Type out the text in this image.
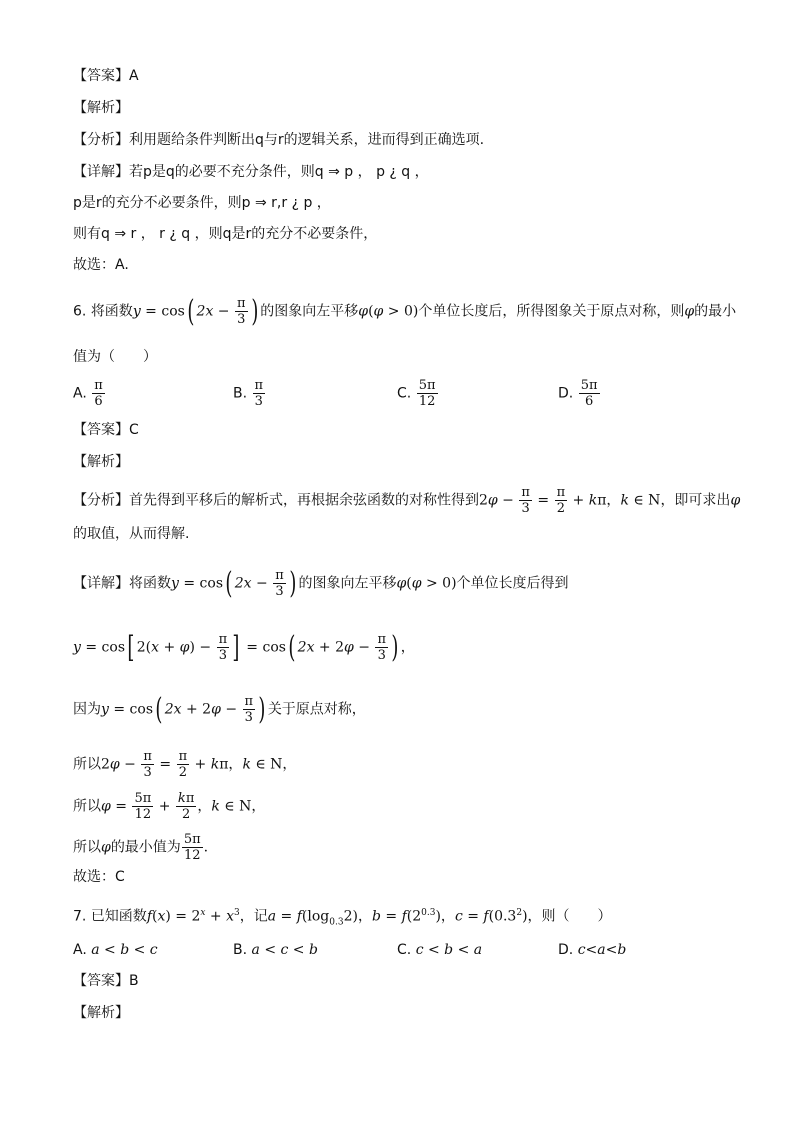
【答案】A
【解析】
【分析】利用题给条件判断出q与r的逻辑关系，进而得到正确选项.
【详解】若p是q的必要不充分条件，则q ⇒ p ， p ¿ q ，
p是r的充分不必要条件，则p ⇒ r,r ¿ p ，
则有q ⇒ r ， r ¿ q ，则q是r的充分不必要条件，
故选：A.
6. 将函数y = cos( $2x - \frac{\pi}{3}$ ) 的图象向左平移φ(φ > 0)个单位长度后，所得图象关于原点对称，则φ的最小
值为（　　）
A. $\frac{\pi}{6}$	B. $\frac{\pi}{3}$	C. $\frac{5\pi}{12}$	D. $\frac{5\pi}{6}$
【答案】C
【解析】
【分析】首先得到平移后的解析式，再根据余弦函数的对称性得到$2\varphi - \frac{\pi}{3} = \frac{\pi}{2} + k\pi$，k ∈ N，即可求出φ
的取值，从而得解.
【详解】将函数y = cos( $2x - \frac{\pi}{3}$ ) 的图象向左平移φ(φ > 0)个单位长度后得到
y = cos[ $2(x + \varphi) - \frac{\pi}{3}$ ] = cos( $2x + 2\varphi - \frac{\pi}{3}$ ) ，
因为y = cos( $2x + 2\varphi - \frac{\pi}{3}$ ) 关于原点对称，
所以$2\varphi - \frac{\pi}{3} = \frac{\pi}{2} + k\pi$，k ∈ N，
所以$\varphi = \frac{5\pi}{12} + \frac{k\pi}{2}$ ，k ∈ N，
所以φ的最小值为 $\frac{5\pi}{12}$ .
故选：C
7. 已知函数$f(x) = 2^x + x^3$，记$a = f(\log_{0.3}2)$，$b = f(2^{0.3})$，$c = f(0.3^2)$，则（　　）
A. a < b < c	B. a < c < b	C. c < b < a	D. c<a<b
【答案】B
【解析】
